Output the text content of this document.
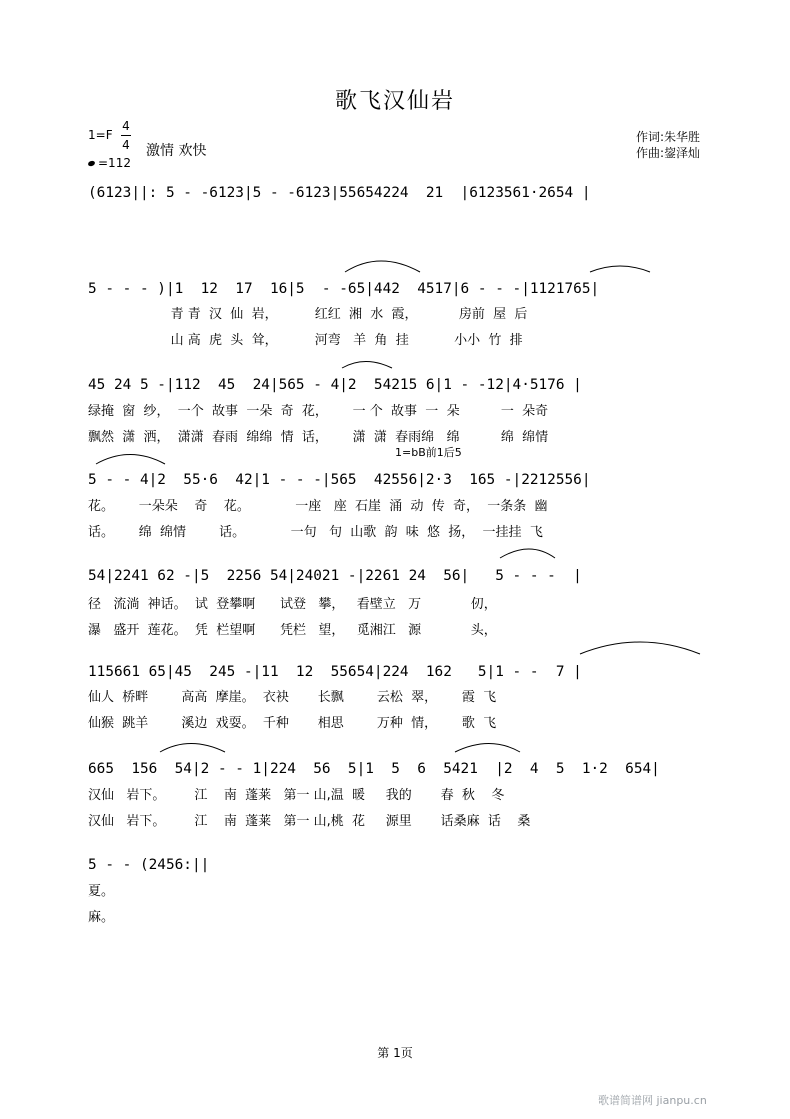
歌飞汉仙岩
1=F
4
4 激情 欢快
=112
作词:朱华胜
作曲:鋆泽灿
(6123||: 5 - -6123|5 - -6123|55654224  21  |6123561·2654 |
5 - - - )|1  12  17  16|5  - -65|442  4517|6 - - -|1121765|
青 青  汉  仙  岩，         红红  湘  水  霞，          房前  屋  后
山 高  虎  头  耸，         河弯   羊  角  挂           小小  竹  排
45 24 5 -|112  45  24|565 - 4|2  54215 6|1 - -12|4·5176 |
绿掩  窗  纱，  一个  故事  一朵  奇  花，      一 个  故事  一  朵          一  朵奇
飘然  潇  洒，  潇潇  春雨  绵绵  情  话，      潇  潇  春雨绵   绵          绵  绵情
1=bB前1后5
5 - - 4|2  55·6  42|1 - - -|565  42556|2·3  165 -|2212556|
花。      一朵朵    奇    花。           一座   座  石崖  涌  动  传  奇，  一条条  幽
话。      绵  绵情        话。           一句   句  山歌  韵  味  悠  扬，  一挂挂  飞
54|2241 62 -|5  2256 54|24021 -|2261 24  56|   5 - - -  |
径   流淌  神话。  试  登攀啊      试登   攀，   看壁立   万            仞，
瀑   盛开  莲花。  凭  栏望啊      凭栏   望，   觅湘江   源            头，
115661 65|45  245 -|11  12  55654|224  162   5|1 - -  7 |
仙人  桥畔        高高  摩崖。  衣袂       长飘        云松  翠，      霞  飞
仙猴  跳羊        溪边  戏耍。  千种       相思        万种  情，      歌  飞
665  156  54|2 - - 1|224  56  5|1  5  6  5421  |2  4  5  1·2  654|
汉仙   岩下。       江    南  蓬莱   第一 山,温  暖     我的       春  秋    冬
汉仙   岩下。       江    南  蓬莱   第一 山,桃  花     源里       话桑麻  话    桑
5 - - (2456:||
夏。
麻。
第 1页
歌谱简谱网 jianpu.cn
